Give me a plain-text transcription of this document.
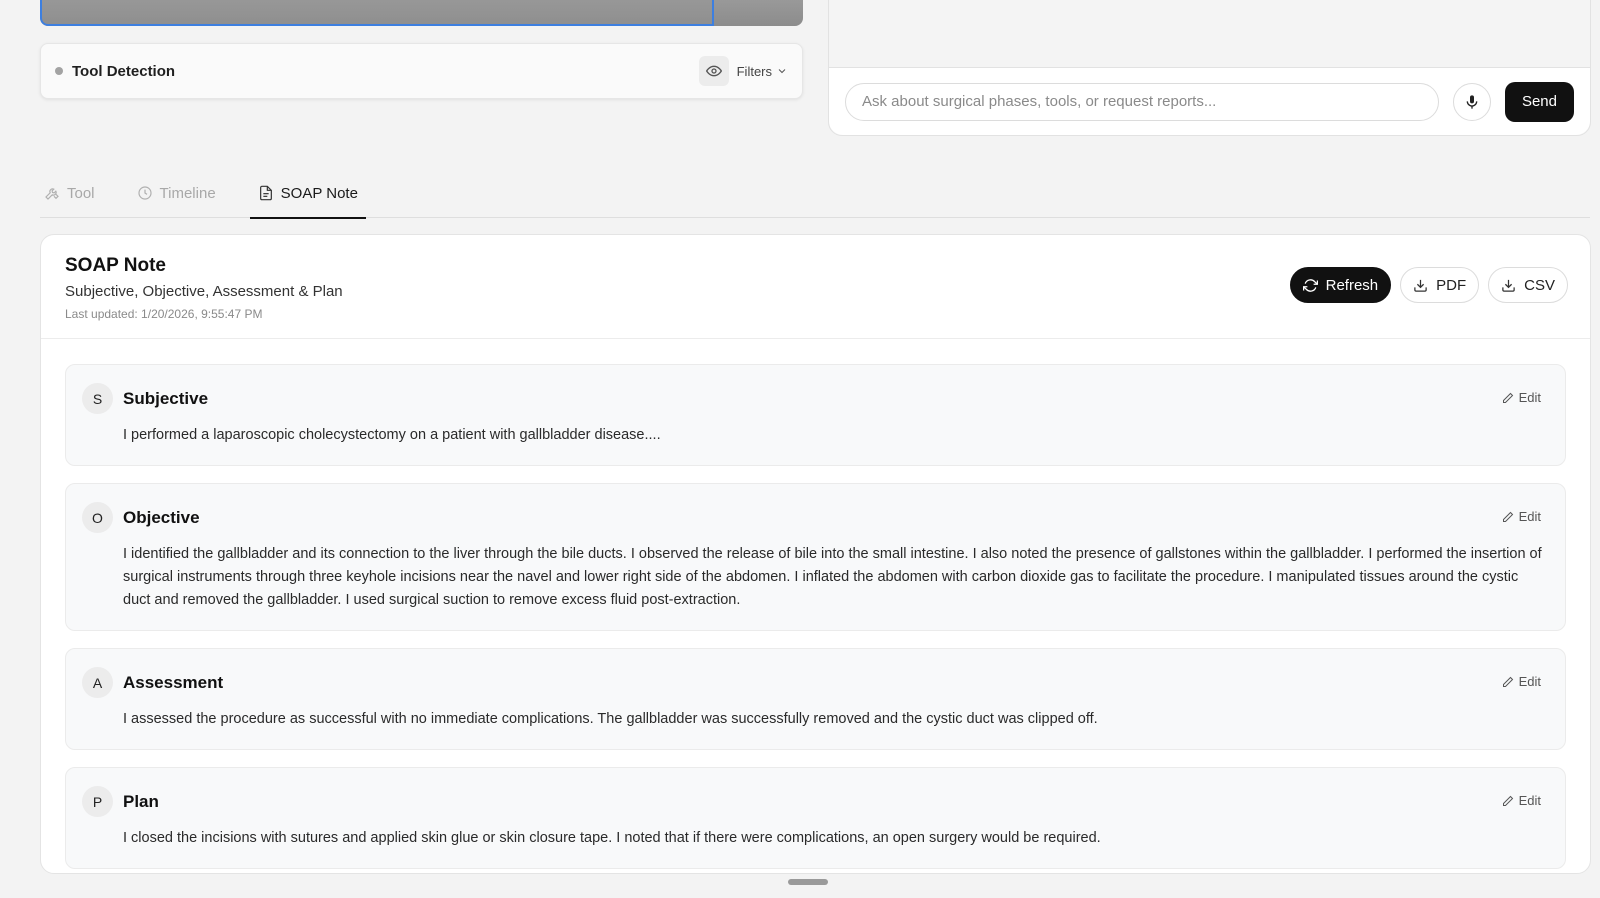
Tool Detection	Filters
Ask about surgical phases, tools, or request reports...
Send
Tool	Timeline	SOAP Note
SOAP Note
Subjective, Objective, Assessment & Plan
Last updated: 1/20/2026, 9:55:47 PM
Refresh	PDF	CSV
S	Subjective	Edit
I performed a laparoscopic cholecystectomy on a patient with gallbladder disease....
O	Objective	Edit
I identified the gallbladder and its connection to the liver through the bile ducts. I observed the release of bile into the small intestine. I also noted the presence of gallstones within the gallbladder. I performed the insertion of surgical instruments through three keyhole incisions near the navel and lower right side of the abdomen. I inflated the abdomen with carbon dioxide gas to facilitate the procedure. I manipulated tissues around the cystic duct and removed the gallbladder. I used surgical suction to remove excess fluid post-extraction.
A	Assessment	Edit
I assessed the procedure as successful with no immediate complications. The gallbladder was successfully removed and the cystic duct was clipped off.
P	Plan	Edit
I closed the incisions with sutures and applied skin glue or skin closure tape. I noted that if there were complications, an open surgery would be required.
